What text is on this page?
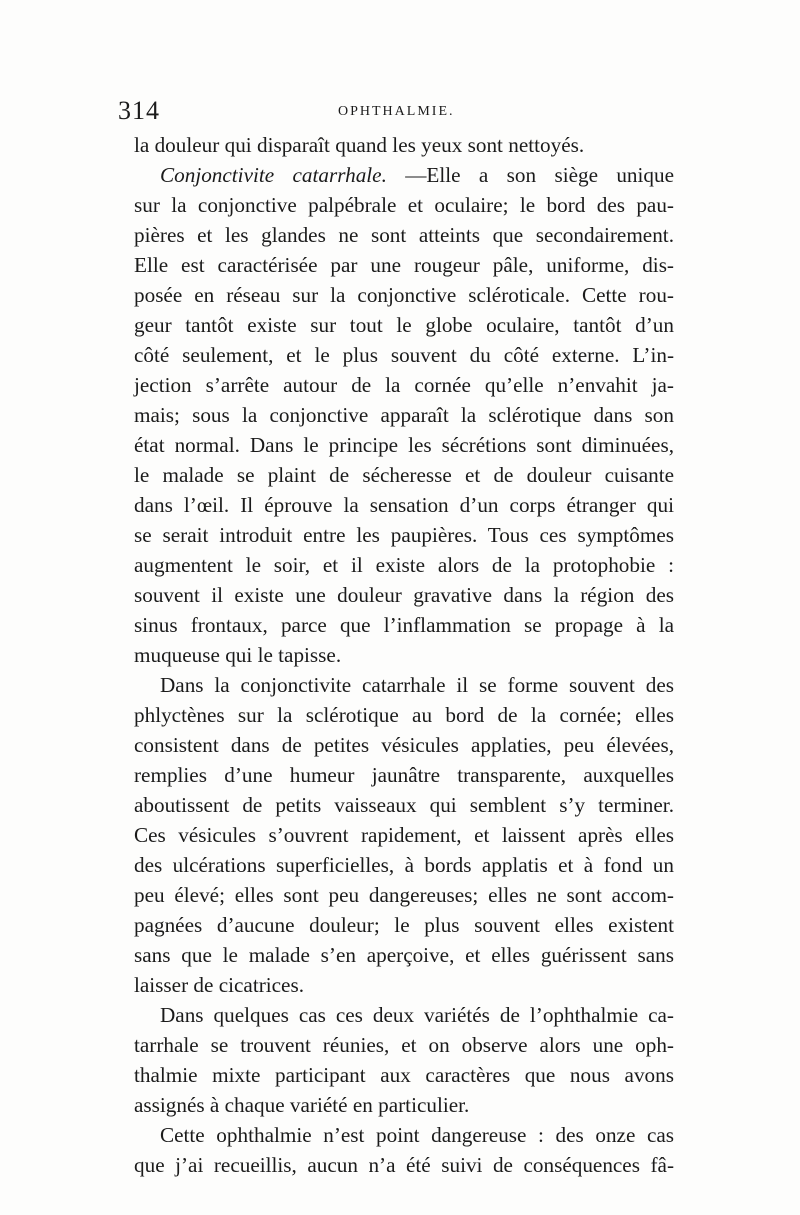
314	OPHTHALMIE.
la douleur qui disparaît quand les yeux sont nettoyés.
Conjonctivite catarrhale. —Elle a son siège unique
sur la conjonctive palpébrale et oculaire; le bord des pau-
pières et les glandes ne sont atteints que secondairement.
Elle est caractérisée par une rougeur pâle, uniforme, dis-
posée en réseau sur la conjonctive scléroticale. Cette rou-
geur tantôt existe sur tout le globe oculaire, tantôt d’un
côté seulement, et le plus souvent du côté externe. L’in-
jection s’arrête autour de la cornée qu’elle n’envahit ja-
mais; sous la conjonctive apparaît la sclérotique dans son
état normal. Dans le principe les sécrétions sont diminuées,
le malade se plaint de sécheresse et de douleur cuisante
dans l’œil. Il éprouve la sensation d’un corps étranger qui
se serait introduit entre les paupières. Tous ces symptômes
augmentent le soir, et il existe alors de la protophobie :
souvent il existe une douleur gravative dans la région des
sinus frontaux, parce que l’inflammation se propage à la
muqueuse qui le tapisse.
Dans la conjonctivite catarrhale il se forme souvent des
phlyctènes sur la sclérotique au bord de la cornée; elles
consistent dans de petites vésicules applaties, peu élevées,
remplies d’une humeur jaunâtre transparente, auxquelles
aboutissent de petits vaisseaux qui semblent s’y terminer.
Ces vésicules s’ouvrent rapidement, et laissent après elles
des ulcérations superficielles, à bords applatis et à fond un
peu élevé; elles sont peu dangereuses; elles ne sont accom-
pagnées d’aucune douleur; le plus souvent elles existent
sans que le malade s’en aperçoive, et elles guérissent sans
laisser de cicatrices.
Dans quelques cas ces deux variétés de l’ophthalmie ca-
tarrhale se trouvent réunies, et on observe alors une oph-
thalmie mixte participant aux caractères que nous avons
assignés à chaque variété en particulier.
Cette ophthalmie n’est point dangereuse : des onze cas
que j’ai recueillis, aucun n’a été suivi de conséquences fâ-
